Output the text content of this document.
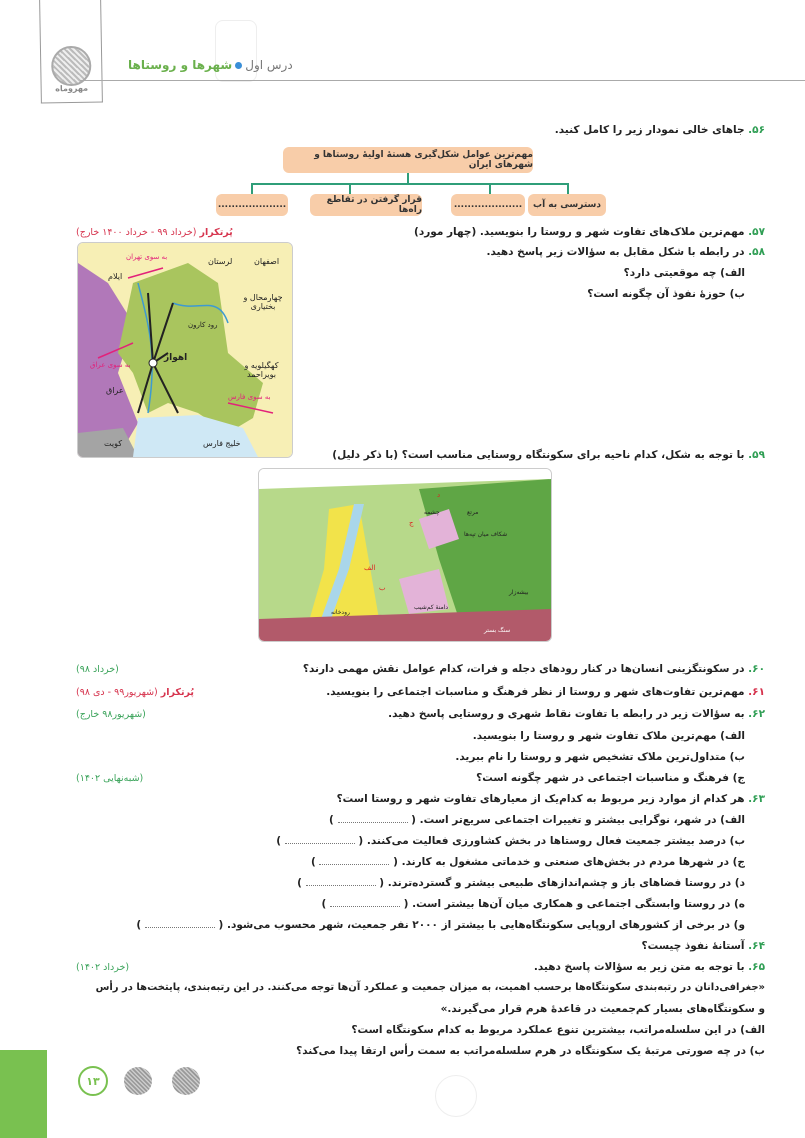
مهروماه
درس اولشهرها و روستاها
۵۶. جاهای خالی نمودار زیر را کامل کنید.
مهم‌ترین عوامل شکل‌گیری هستهٔ اولیهٔ روستاها و شهرهای ایران
دسترسی به آب
....................
قرار گرفتن در تقاطع راه‌ها
....................
۵۷. مهم‌ترین ملاک‌های تفاوت شهر و روستا را بنویسید. (چهار مورد)
پُرتکرار (خرداد ۹۹ - خرداد ۱۴۰۰ خارج)
۵۸. در رابطه با شکل مقابل به سؤالات زیر پاسخ دهید.
الف) چه موقعیتی دارد؟
ب) حوزهٔ نفوذ آن چگونه است؟
لرستان	اصفهان
ایلام
چهارمحال و بختیاری
کهگیلویه و بویراحمد
عراق
کویت	خلیج فارس
اهواز
به سوی تهران
به سوی عراق
به سوی فارس
رود کارون
۵۹. با توجه به شکل، کدام ناحیه برای سکونتگاه روستایی مناسب است؟ (با ذکر دلیل)
مرتع
چشمه
شکاف میان تپه‌ها
بیشه‌زار
الف
ب
ج
د
رودخانه
سنگ بستر
دامنهٔ کم‌شیب
۶۰. در سکونتگزینی انسان‌ها در کنار رودهای دجله و فرات، کدام عوامل نقش مهمی دارند؟
(خرداد ۹۸)
۶۱. مهم‌ترین تفاوت‌های شهر و روستا از نظر فرهنگ و مناسبات اجتماعی را بنویسید.
پُرتکرار (شهریور۹۹ - دی ۹۸)
۶۲. به سؤالات زیر در رابطه با تفاوت نقاط شهری و روستایی پاسخ دهید.
(شهریور۹۸ خارج)
الف) مهم‌ترین ملاک تفاوت شهر و روستا را بنویسید.
ب) متداول‌ترین ملاک تشخیص شهر و روستا را نام ببرید.
ج) فرهنگ و مناسبات اجتماعی در شهر چگونه است؟
(شبه‌نهایی ۱۴۰۲)
۶۳. هر کدام از موارد زیر مربوط به کدام‌یک از معیارهای تفاوت شهر و روستا است؟
الف) در شهر، نوگرایی بیشتر و تغییرات اجتماعی سریع‌تر است. (  )
ب) درصد بیشتر جمعیت فعال روستاها در بخش کشاورزی فعالیت می‌کنند. (  )
ج) در شهرها مردم در بخش‌های صنعتی و خدماتی مشغول به کارند. (  )
د) در روستا فضاهای باز و چشم‌اندازهای طبیعی بیشتر و گسترده‌ترند. (  )
ه) در روستا وابستگی اجتماعی و همکاری میان آن‌ها بیشتر است. (  )
و) در برخی از کشورهای اروپایی سکونتگاه‌هایی با بیشتر از ۲۰۰۰ نفر جمعیت، شهر محسوب می‌شود. (  )
۶۴. آستانهٔ نفوذ چیست؟
۶۵. با توجه به متن زیر به سؤالات پاسخ دهید.
(خرداد ۱۴۰۲)
«جغرافی‌دانان در رتبه‌بندی سکونتگاه‌ها برحسب اهمیت، به میزان جمعیت و عملکرد آن‌ها توجه می‌کنند. در این رتبه‌بندی، پایتخت‌ها در رأس
و سکونتگاه‌های بسیار کم‌جمعیت در قاعدهٔ هرم قرار می‌گیرند.»
الف) در این سلسله‌مراتب، بیشترین تنوع عملکرد مربوط به کدام سکونتگاه است؟
ب) در چه صورتی مرتبهٔ یک سکونتگاه در هرم سلسله‌مراتب به سمت رأس ارتقا پیدا می‌کند؟
۱۳
